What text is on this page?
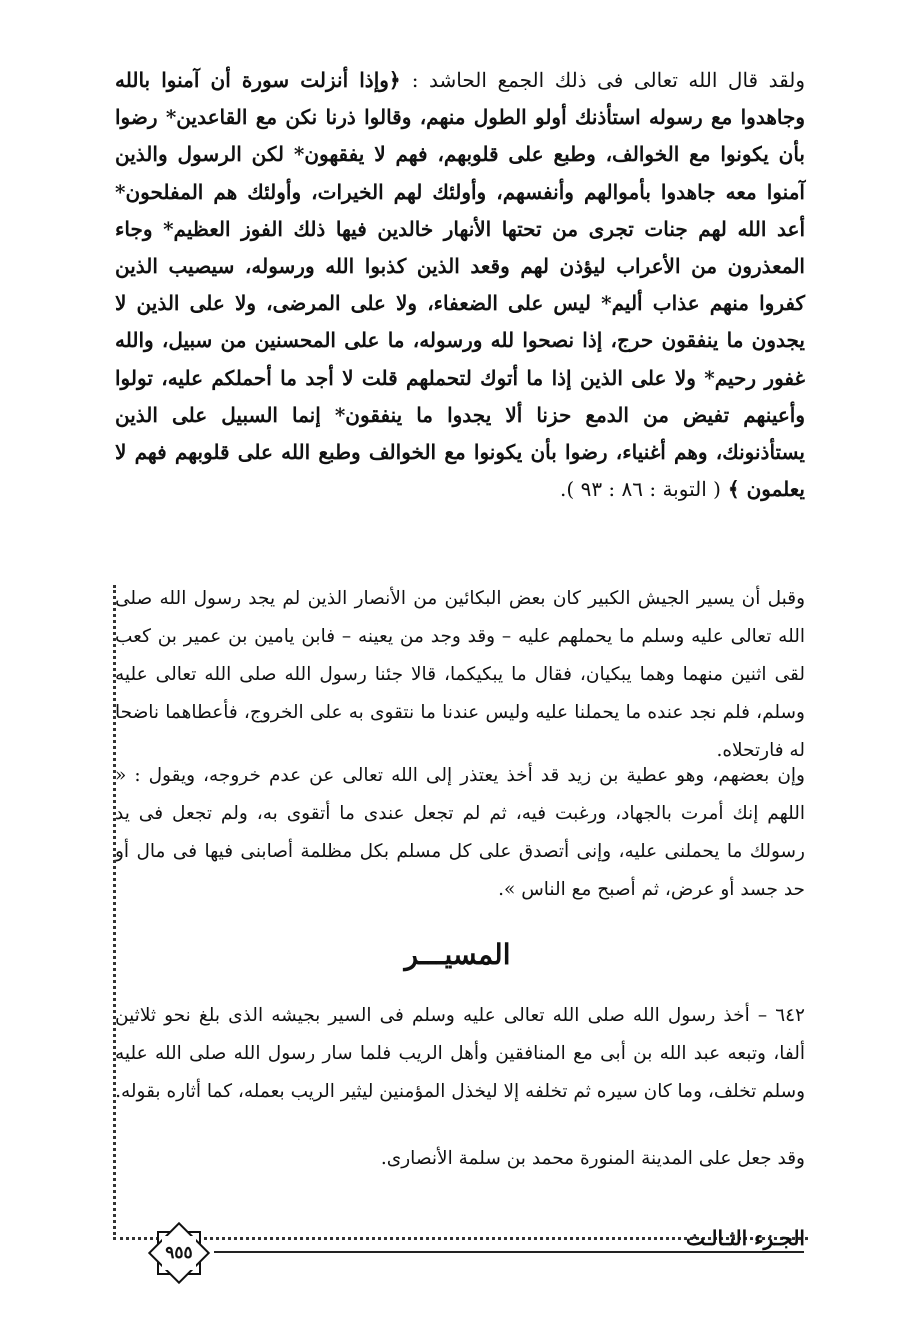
ولقد قال الله تعالى فى ذلك الجمع الحاشد : ﴿وإذا أنزلت سورة أن آمنوا بالله وجاهدوا مع رسوله استأذنك أولو الطول منهم، وقالوا ذرنا نكن مع القاعدين* رضوا بأن يكونوا مع الخوالف، وطبع على قلوبهم، فهم لا يفقهون* لكن الرسول والذين آمنوا معه جاهدوا بأموالهم وأنفسهم، وأولئك لهم الخيرات، وأولئك هم المفلحون* أعد الله لهم جنات تجرى من تحتها الأنهار خالدين فيها ذلك الفوز العظيم* وجاء المعذرون من الأعراب ليؤذن لهم وقعد الذين كذبوا الله ورسوله، سيصيب الذين كفروا منهم عذاب أليم* ليس على الضعفاء، ولا على المرضى، ولا على الذين لا يجدون ما ينفقون حرج، إذا نصحوا لله ورسوله، ما على المحسنين من سبيل، والله غفور رحيم* ولا على الذين إذا ما أتوك لتحملهم قلت لا أجد ما أحملكم عليه، تولوا وأعينهم تفيض من الدمع حزنا ألا يجدوا ما ينفقون* إنما السبيل على الذين يستأذنونك، وهم أغنياء، رضوا بأن يكونوا مع الخوالف وطبع الله على قلوبهم فهم لا يعلمون ﴾ ( التوبة : ٨٦ : ٩٣ ).

وقبل أن يسير الجيش الكبير كان بعض البكائين من الأنصار الذين لم يجد رسول الله صلى الله تعالى عليه وسلم ما يحملهم عليه – وقد وجد من يعينه – فابن يامين بن عمير بن كعب لقى اثنين منهما وهما يبكيان، فقال ما يبكيكما، قالا جئنا رسول الله صلى الله تعالى عليه وسلم، فلم نجد عنده ما يحملنا عليه وليس عندنا ما نتقوى به على الخروج، فأعطاهما ناضحا له فارتحلاه.

وإن بعضهم، وهو عطية بن زيد قد أخذ يعتذر إلى الله تعالى عن عدم خروجه، ويقول : « اللهم إنك أمرت بالجهاد، ورغبت فيه، ثم لم تجعل عندى ما أتقوى به، ولم تجعل فى يد رسولك ما يحملنى عليه، وإنى أتصدق على كل مسلم بكل مظلمة أصابنى فيها فى مال أو حد جسد أو عرض، ثم أصبح مع الناس ».

المسيـــر

٦٤٢ – أخذ رسول الله صلى الله تعالى عليه وسلم فى السير بجيشه الذى بلغ نحو ثلاثين ألفا، وتبعه عبد الله بن أبى مع المنافقين وأهل الريب فلما سار رسول الله صلى الله عليه وسلم تخلف، وما كان سيره ثم تخلفه إلا ليخذل المؤمنين ليثير الريب بعمله، كما أثاره بقوله.

وقد جعل على المدينة المنورة محمد بن سلمة الأنصارى.

٩٥٥
الجـزء الثـالـث
